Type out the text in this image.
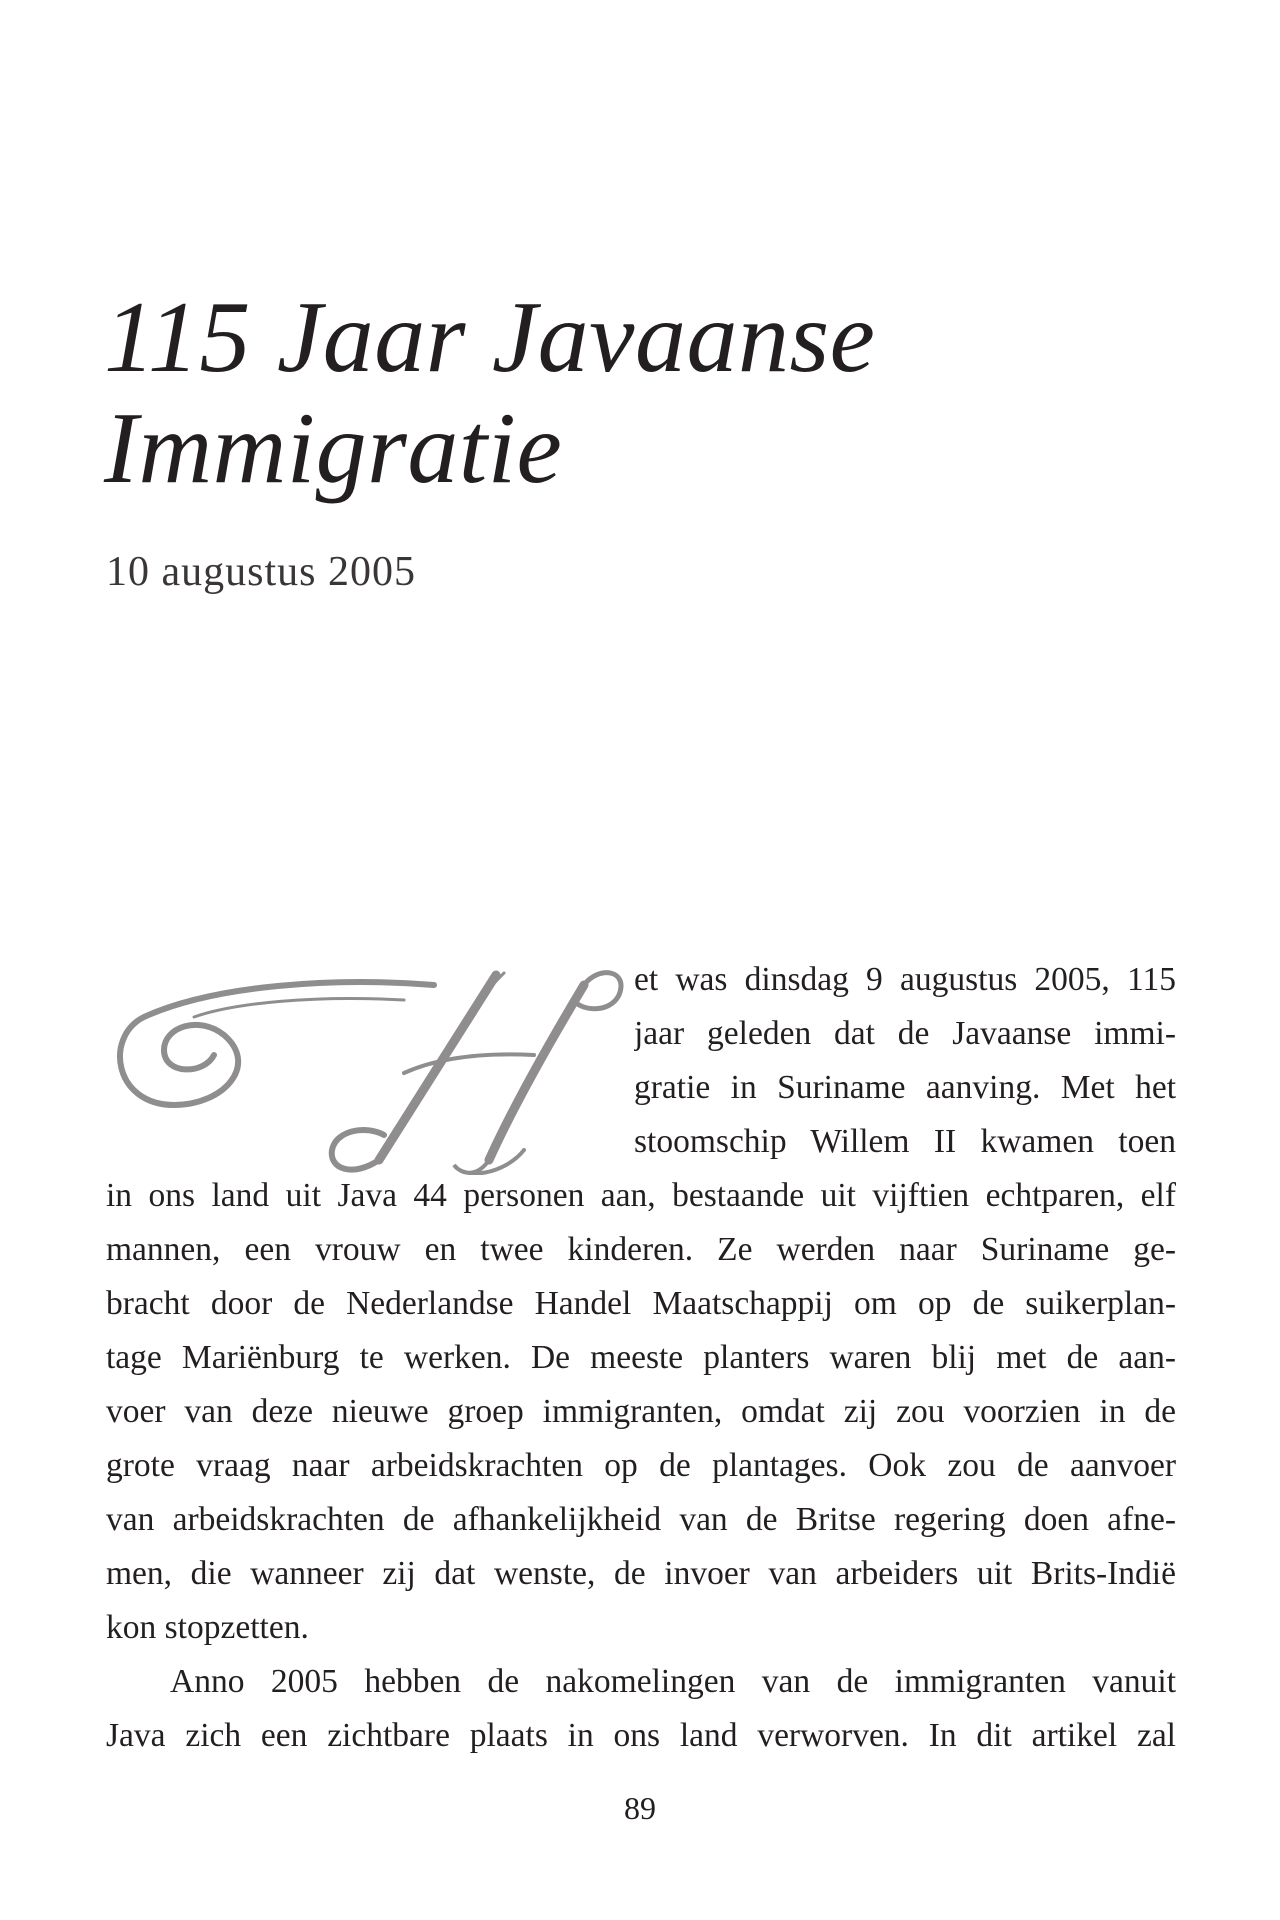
115 Jaar Javaanse
Immigratie
10 augustus 2005
et was dinsdag 9 augustus 2005, 115
jaar geleden dat de Javaanse immi-
gratie in Suriname aanving. Met het
stoomschip Willem II kwamen toen
in ons land uit Java 44 personen aan, bestaande uit vijftien echtparen, elf
mannen, een vrouw en twee kinderen. Ze werden naar Suriname ge-
bracht door de Nederlandse Handel Maatschappij om op de suikerplan-
tage Mariënburg te werken. De meeste planters waren blij met de aan-
voer van deze nieuwe groep immigranten, omdat zij zou voorzien in de
grote vraag naar arbeidskrachten op de plantages. Ook zou de aanvoer
van arbeidskrachten de afhankelijkheid van de Britse regering doen afne-
men, die wanneer zij dat wenste, de invoer van arbeiders uit Brits-Indië
kon stopzetten.
Anno 2005 hebben de nakomelingen van de immigranten vanuit
Java zich een zichtbare plaats in ons land verworven. In dit artikel zal
89
